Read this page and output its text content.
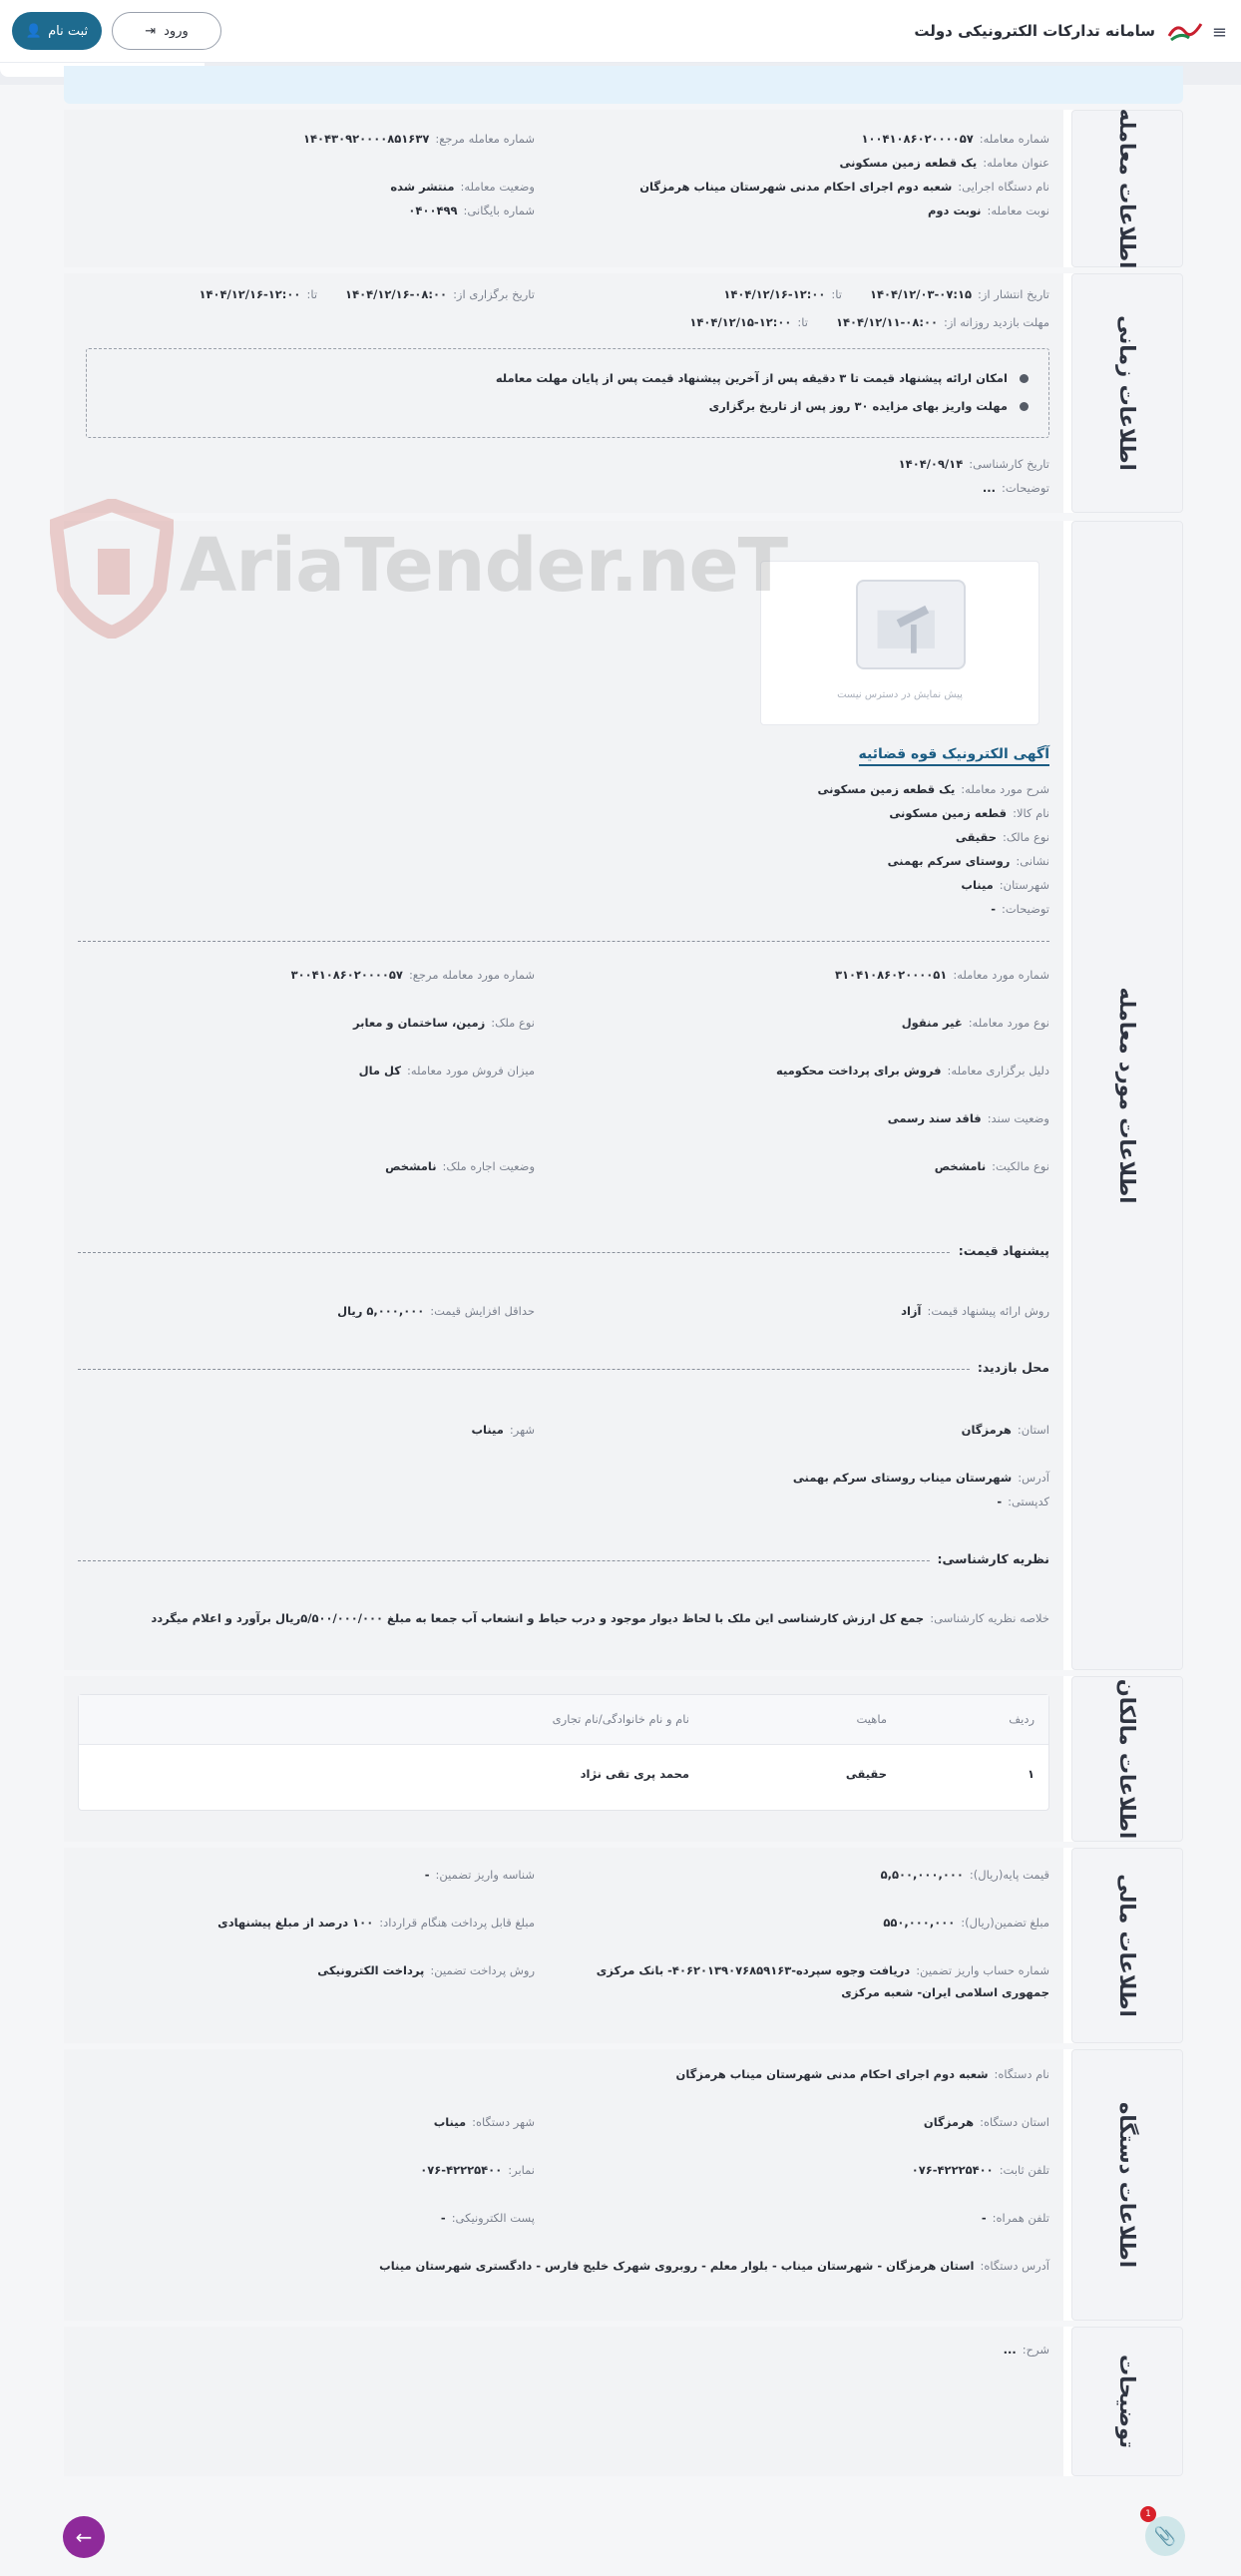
≡
سامانه تدارکات الکترونیکی دولت
ورود
⇥
ثبت نام
👤
اطلاعات معامله
شماره معامله:
۱۰۰۴۱۰۸۶۰۲۰۰۰۰۵۷
شماره معامله مرجع:
۱۴۰۴۳۰۹۲۰۰۰۰۸۵۱۶۳۷
عنوان معامله:
یک قطعه زمین مسکونی
نام دستگاه اجرایی:
شعبه دوم اجرای احکام مدنی شهرستان میناب هرمزگان
وضعیت معامله:
منتشر شده
نوبت معامله:
نوبت دوم
شماره بایگانی:
۰۴۰۰۴۹۹
اطلاعات زمانی
تاریخ انتشار از:
۱۴۰۴/۱۲/۰۳-۰۷:۱۵
تا:
۱۴۰۴/۱۲/۱۶-۱۲:۰۰
تاریخ برگزاری از:
۱۴۰۴/۱۲/۱۶-۰۸:۰۰
تا:
۱۴۰۴/۱۲/۱۶-۱۲:۰۰
مهلت بازدید روزانه از:
۱۴۰۴/۱۲/۱۱-۰۸:۰۰
تا:
۱۴۰۴/۱۲/۱۵-۱۲:۰۰
امکان ارائه پیشنهاد قیمت تا ۳ دقیقه پس از آخرین پیشنهاد قیمت پس از پایان مهلت معامله
مهلت واریز بهای مزایده ۳۰ روز پس از تاریخ برگزاری
تاریخ کارشناسی:
۱۴۰۴/۰۹/۱۴
توضیحات:
...
اطلاعات مورد معامله
پیش نمایش در دسترس نیست
آگهی الکترونیک قوه قضائیه
شرح مورد معامله:
یک قطعه زمین مسکونی
نام کالا:
قطعه زمین مسکونی
نوع مالک:
حقیقی
نشانی:
روستای سرکم بهمنی
شهرستان:
میناب
توضیحات:
-
شماره مورد معامله:
۳۱۰۴۱۰۸۶۰۲۰۰۰۰۵۱
شماره مورد معامله مرجع:
۳۰۰۴۱۰۸۶۰۲۰۰۰۰۵۷
نوع مورد معامله:
غیر منقول
نوع ملک:
زمین، ساختمان و معابر
دلیل برگزاری معامله:
فروش برای پرداخت محکومیه
میزان فروش مورد معامله:
کل مال
وضعیت سند:
فاقد سند رسمی
نوع مالکیت:
نامشخص
وضعیت اجاره ملک:
نامشخص
پیشنهاد قیمت:
روش ارائه پیشنهاد قیمت:
آزاد
حداقل افزایش قیمت:
۵,۰۰۰,۰۰۰ ریال
محل بازدید:
استان:
هرمزگان
شهر:
میناب
آدرس:
شهرستان میناب روستای سرکم بهمنی
کدپستی:
-
نظریه کارشناسی:
خلاصه نظریه کارشناسی:
جمع کل ارزش کارشناسی این ملک با لحاظ دیوار موجود و درب حیاط و انشعاب آب جمعا به مبلغ ۵/۵۰۰/۰۰۰/۰۰۰ریال برآورد و اعلام میگردد
اطلاعات مالکان
ردیف
ماهیت
نام و نام خانوادگی/نام تجاری
۱
حقیقی
محمد پری تقی نژاد
اطلاعات مالی
قیمت پایه(ریال):
۵,۵۰۰,۰۰۰,۰۰۰
شناسه واریز تضمین:
-
مبلغ تضمین(ریال):
۵۵۰,۰۰۰,۰۰۰
مبلغ قابل پرداخت هنگام قرارداد:
۱۰۰ درصد از مبلغ پیشنهادی
شماره حساب واریز تضمین:
دریافت وجوه سپرده-۴۰۶۲۰۱۳۹۰۷۶۸۵۹۱۶۳- بانک مرکزی
جمهوری اسلامی ایران- شعبه مرکزی
روش پرداخت تضمین:
پرداخت الکترونیکی
اطلاعات دستگاه
نام دستگاه:
شعبه دوم اجرای احکام مدنی شهرستان میناب هرمزگان
استان دستگاه:
هرمزگان
شهر دستگاه:
میناب
تلفن ثابت:
۰۷۶-۴۲۲۲۵۴۰۰
نمابر:
۰۷۶-۴۲۲۲۵۴۰۰
تلفن همراه:
-
پست الکترونیکی:
-
آدرس دستگاه:
استان هرمزگان - شهرستان میناب - بلوار معلم - روبروی شهرک خلیج فارس - دادگستری شهرستان میناب
توضیحات
شرح:
...
AriaTender.neT
←	📎
1
